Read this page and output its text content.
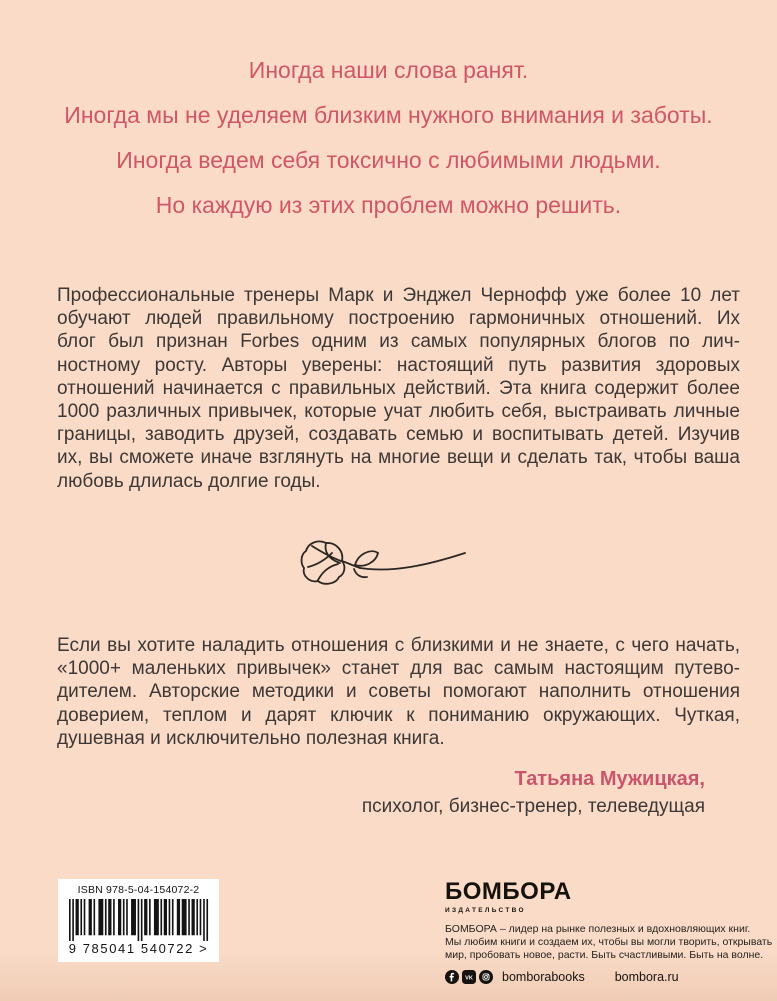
Иногда наши слова ранят.
Иногда мы не уделяем близким нужного внимания и заботы.
Иногда ведем себя токсично с любимыми людьми.
Но каждую из этих проблем можно решить.
Профессиональные тренеры Марк и Энджел Чернофф уже более 10 лет
обучают людей правильному построению гармоничных отношений. Их
блог был признан Forbes одним из самых популярных блогов по лич-
ностному росту. Авторы уверены: настоящий путь развития здоровых
отношений начинается с правильных действий. Эта книга содержит более
1000 различных привычек, которые учат любить себя, выстраивать личные
границы, заводить друзей, создавать семью и воспитывать детей. Изучив
их, вы сможете иначе взглянуть на многие вещи и сделать так, чтобы ваша
любовь длилась долгие годы.
Если вы хотите наладить отношения с близкими и не знаете, с чего начать,
«1000+ маленьких привычек» станет для вас самым настоящим путево-
дителем. Авторские методики и советы помогают наполнить отношения
доверием, теплом и дарят ключик к пониманию окружающих. Чуткая,
душевная и исключительно полезная книга.
Татьяна Мужицкая,
психолог, бизнес-тренер, телеведущая
ISBN 978-5-04-154072-2
9 785041 540722 >
БОМБОРА
ИЗДАТЕЛЬСТВО
БОМБОРА – лидер на рынке полезных и вдохновляющих книг.
Мы любим книги и создаем их, чтобы вы могли творить, открывать
мир, пробовать новое, расти. Быть счастливыми. Быть на волне.
VK bomborabooks bombora.ru
